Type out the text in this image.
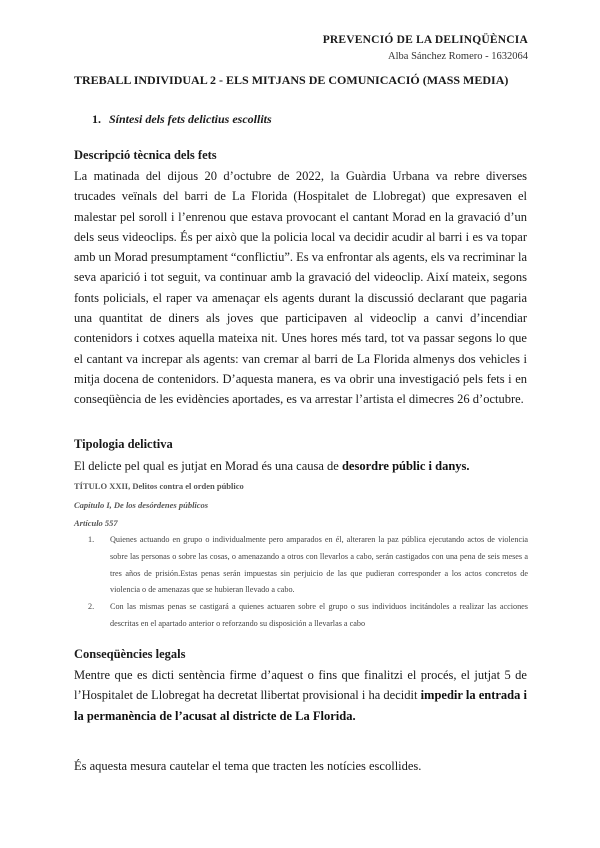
PREVENCIÓ DE LA DELINQÜÈNCIA
Alba Sánchez Romero - 1632064
TREBALL INDIVIDUAL 2 - ELS MITJANS DE COMUNICACIÓ (MASS MEDIA)
1. Síntesi dels fets delictius escollits
Descripció tècnica dels fets
La matinada del dijous 20 d’octubre de 2022, la Guàrdia Urbana va rebre diverses trucades veïnals del barri de La Florida (Hospitalet de Llobregat) que expresaven el malestar pel soroll i l’enrenou que estava provocant el cantant Morad en la gravació d’un dels seus videoclips. És per això que la policia local va decidir acudir al barri i es va topar amb un Morad presumptament “conflictiu”. Es va enfrontar als agents, els va recriminar la seva aparició i tot seguit, va continuar amb la gravació del videoclip. Així mateix, segons fonts policials, el raper va amenaçar els agents durant la discussió declarant que pagaria una quantitat de diners als joves que participaven al videoclip a canvi d’incendiar contenidors i cotxes aquella mateixa nit. Unes hores més tard, tot va passar segons lo que el cantant va increpar als agents: van cremar al barri de La Florida almenys dos vehicles i mitja docena de contenidors. D’aquesta manera, es va obrir una investigació pels fets i en conseqüència de les evidències aportades, es va arrestar l’artista el dimecres 26 d’octubre.
Tipologia delictiva
El delicte pel qual es jutjat en Morad és una causa de desordre públic i danys.
TÍTULO XXII, Delitos contra el orden público
Capítulo I, De los desórdenes públicos
Artículo 557
1. Quienes actuando en grupo o individualmente pero amparados en él, alteraren la paz pública ejecutando actos de violencia sobre las personas o sobre las cosas, o amenazando a otros con llevarlos a cabo, serán castigados con una pena de seis meses a tres años de prisión.Estas penas serán impuestas sin perjuicio de las que pudieran corresponder a los actos concretos de violencia o de amenazas que se hubieran llevado a cabo.
2. Con las mismas penas se castigará a quienes actuaren sobre el grupo o sus individuos incitándoles a realizar las acciones descritas en el apartado anterior o reforzando su disposición a llevarlas a cabo
Conseqüències legals
Mentre que es dicti sentència firme d’aquest o fins que finalitzi el procés, el jutjat 5 de l’Hospitalet de Llobregat ha decretat llibertat provisional i ha decidit impedir la entrada i la permanència de l’acusat al districte de La Florida.
És aquesta mesura cautelar el tema que tracten les notícies escollides.
